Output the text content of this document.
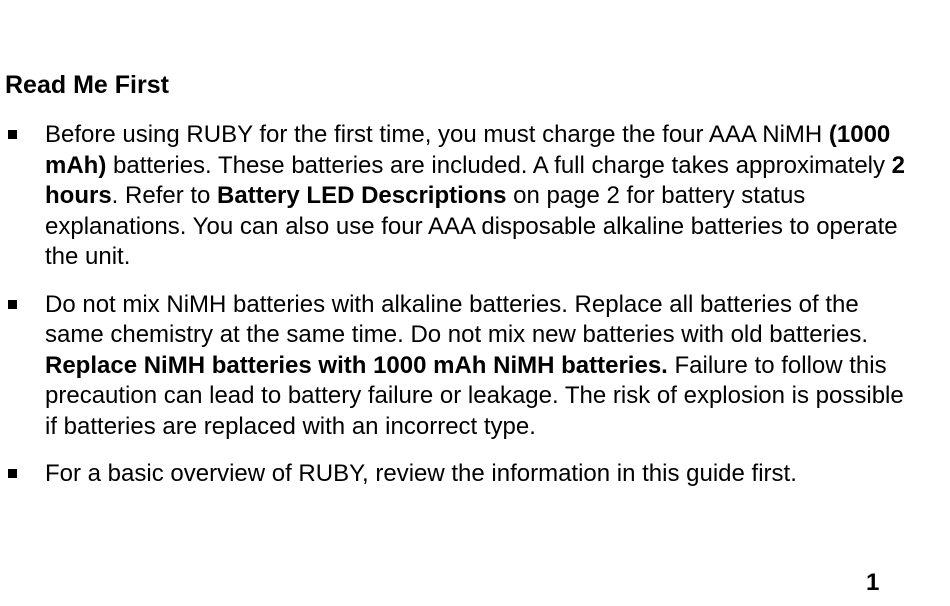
Read Me First
Before using RUBY for the first time, you must charge the four AAA NiMH (1000 mAh) batteries. These batteries are included. A full charge takes approximately 2 hours. Refer to Battery LED Descriptions on page 2 for battery status explanations. You can also use four AAA disposable alkaline batteries to operate the unit.
Do not mix NiMH batteries with alkaline batteries. Replace all batteries of the same chemistry at the same time. Do not mix new batteries with old batteries. Replace NiMH batteries with 1000 mAh NiMH batteries. Failure to follow this precaution can lead to battery failure or leakage. The risk of explosion is possible if batteries are replaced with an incorrect type.
For a basic overview of RUBY, review the information in this guide first.
1
